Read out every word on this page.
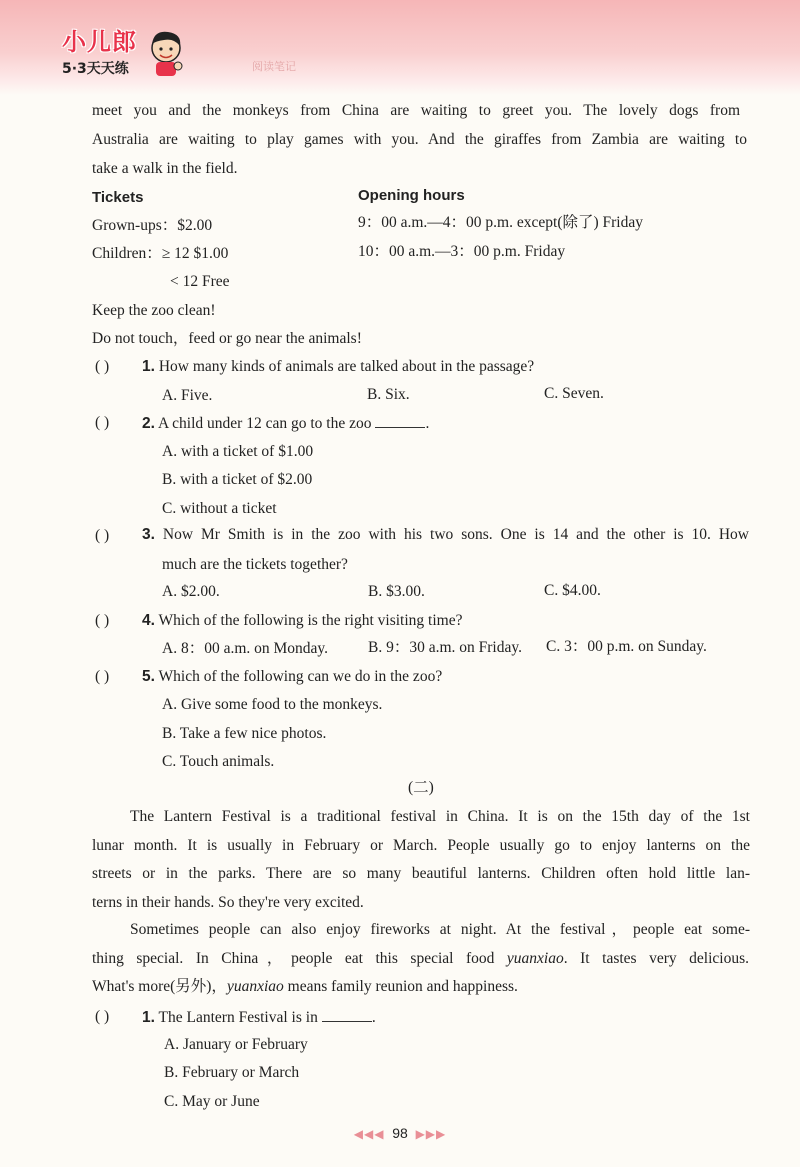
小儿郎
5·3天天练	阅读笔记
meet you and the monkeys from China are waiting to greet you. The lovely dogs from
Australia are waiting to play games with you. And the giraffes from Zambia are waiting to
take a walk in the field.
Tickets	Opening hours
Grown-ups：$2.00	9：00 a.m.—4：00 p.m. except(除了) Friday
Children：≥ 12 $1.00	10：00 a.m.—3：00 p.m. Friday
< 12 Free
Keep the zoo clean!
Do not touch，feed or go near the animals!
( ) 1. How many kinds of animals are talked about in the passage?
A. Five.	B. Six.	C. Seven.
( ) 2. A child under 12 can go to the zoo	.
A. with a ticket of $1.00
B. with a ticket of $2.00
C. without a ticket
( ) 3. Now Mr Smith is in the zoo with his two sons. One is 14 and the other is 10. How
much are the tickets together?
A. $2.00.	B. $3.00.	C. $4.00.
( ) 4. Which of the following is the right visiting time?
A. 8：00 a.m. on Monday.	B. 9：30 a.m. on Friday. C. 3：00 p.m. on Sunday.
( ) 5. Which of the following can we do in the zoo?
A. Give some food to the monkeys.
B. Take a few nice photos.
C. Touch animals.
(二)
The Lantern Festival is a traditional festival in China. It is on the 15th day of the 1st
lunar month. It is usually in February or March. People usually go to enjoy lanterns on the
streets or in the parks. There are so many beautiful lanterns. Children often hold little lan-
terns in their hands. So they're very excited.
Sometimes people can also enjoy fireworks at night. At the festival，people eat some-
thing special. In China，people eat this special food yuanxiao. It tastes very delicious.
What's more(另外)，yuanxiao means family reunion and happiness.
( ) 1. The Lantern Festival is in	.
A. January or February
B. February or March
C. May or June
◀◀◀ 98 ▶▶▶
